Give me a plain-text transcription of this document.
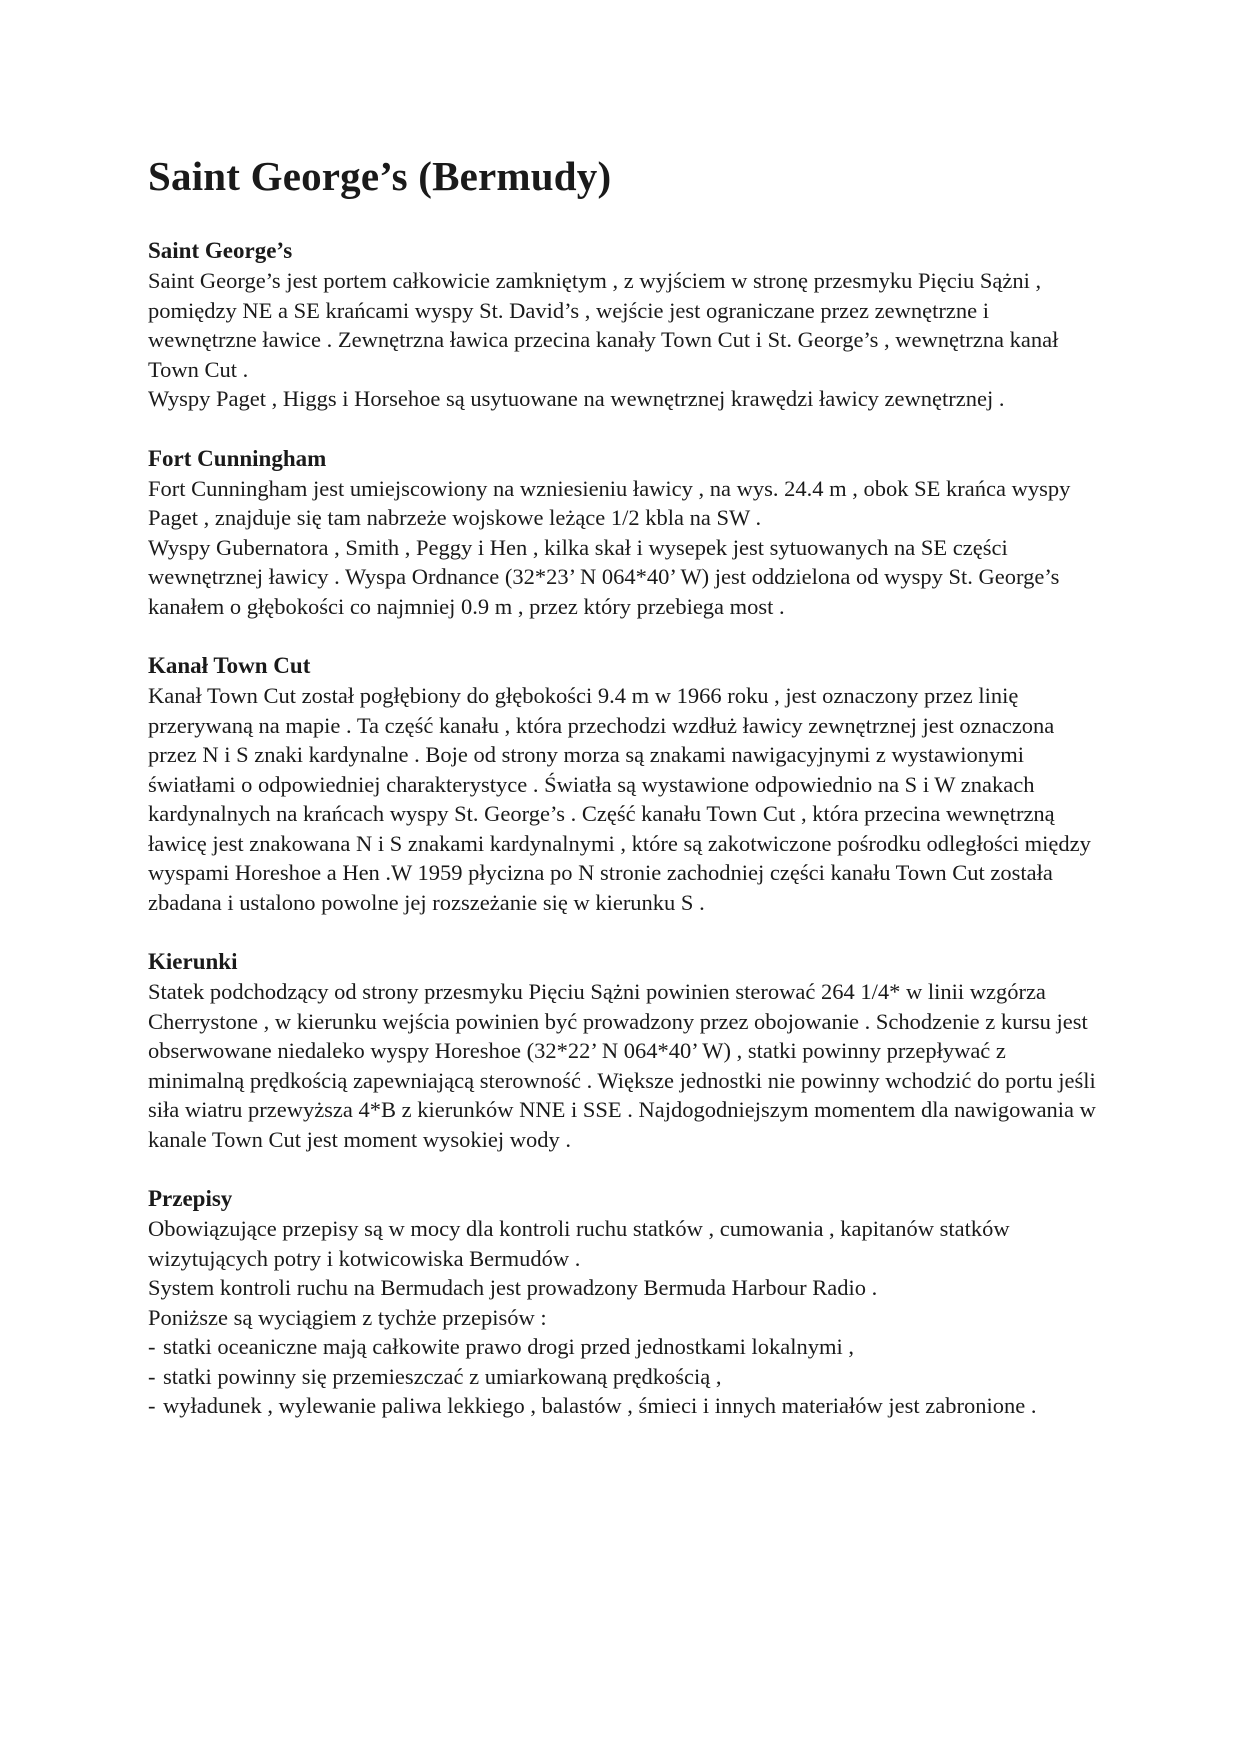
Saint George’s (Bermudy)
Saint George’s

Saint George’s jest portem całkowicie zamkniętym , z wyjściem w stronę przesmyku Pięciu Sążni , pomiędzy NE a SE krańcami wyspy St. David’s , wejście jest ograniczane przez zewnętrzne i wewnętrzne ławice . Zewnętrzna ławica przecina kanały Town Cut i St. George’s , wewnętrzna kanał Town Cut .

Wyspy Paget , Higgs i Horsehoe są usytuowane na wewnętrznej krawędzi ławicy zewnętrznej .

Fort Cunningham

Fort Cunningham jest umiejscowiony na wzniesieniu ławicy , na wys. 24.4 m , obok SE krańca wyspy Paget , znajduje się tam nabrzeże wojskowe leżące 1/2 kbla na SW .

Wyspy Gubernatora , Smith , Peggy i Hen , kilka skał i wysepek jest sytuowanych na SE części wewnętrznej ławicy . Wyspa Ordnance (32*23’ N 064*40’ W) jest oddzielona od wyspy St. George’s kanałem o głębokości co najmniej 0.9 m , przez który przebiega most .

Kanał Town Cut

Kanał Town Cut został pogłębiony do głębokości 9.4 m w 1966 roku , jest oznaczony przez linię przerywaną na mapie . Ta część kanału , która przechodzi wzdłuż ławicy zewnętrznej jest oznaczona przez N i S znaki kardynalne . Boje od strony morza są znakami nawigacyjnymi z wystawionymi światłami o odpowiedniej charakterystyce . Światła są wystawione odpowiednio na S i W znakach kardynalnych na krańcach wyspy St. George’s . Część kanału Town Cut , która przecina wewnętrzną ławicę jest znakowana N i S znakami kardynalnymi , które są zakotwiczone pośrodku odległości między wyspami Horeshoe a Hen .W 1959 płycizna po N stronie zachodniej części kanału Town Cut została zbadana i ustalono powolne jej rozszeżanie się w kierunku S .

Kierunki

Statek podchodzący od strony przesmyku Pięciu Sążni powinien sterować 264 1/4* w linii wzgórza Cherrystone , w kierunku wejścia powinien być prowadzony przez obojowanie . Schodzenie z kursu jest obserwowane niedaleko wyspy Horeshoe (32*22’ N 064*40’ W) , statki powinny przepływać z minimalną prędkością zapewniającą sterowność . Większe jednostki nie powinny wchodzić do portu jeśli siła wiatru przewyższa 4*B z kierunków NNE i SSE . Najdogodniejszym momentem dla nawigowania w kanale Town Cut jest moment wysokiej wody .

Przepisy

Obowiązujące przepisy są w mocy dla kontroli ruchu statków , cumowania , kapitanów statków wizytujących potry i kotwicowiska Bermudów .

System kontroli ruchu na Bermudach jest prowadzony Bermuda Harbour Radio .

Poniższe są wyciągiem z tychże przepisów :

- statki oceaniczne mają całkowite prawo drogi przed jednostkami lokalnymi ,
- statki powinny się przemieszczać z umiarkowaną prędkością ,
- wyładunek , wylewanie paliwa lekkiego , balastów , śmieci i innych materiałów jest zabronione .
